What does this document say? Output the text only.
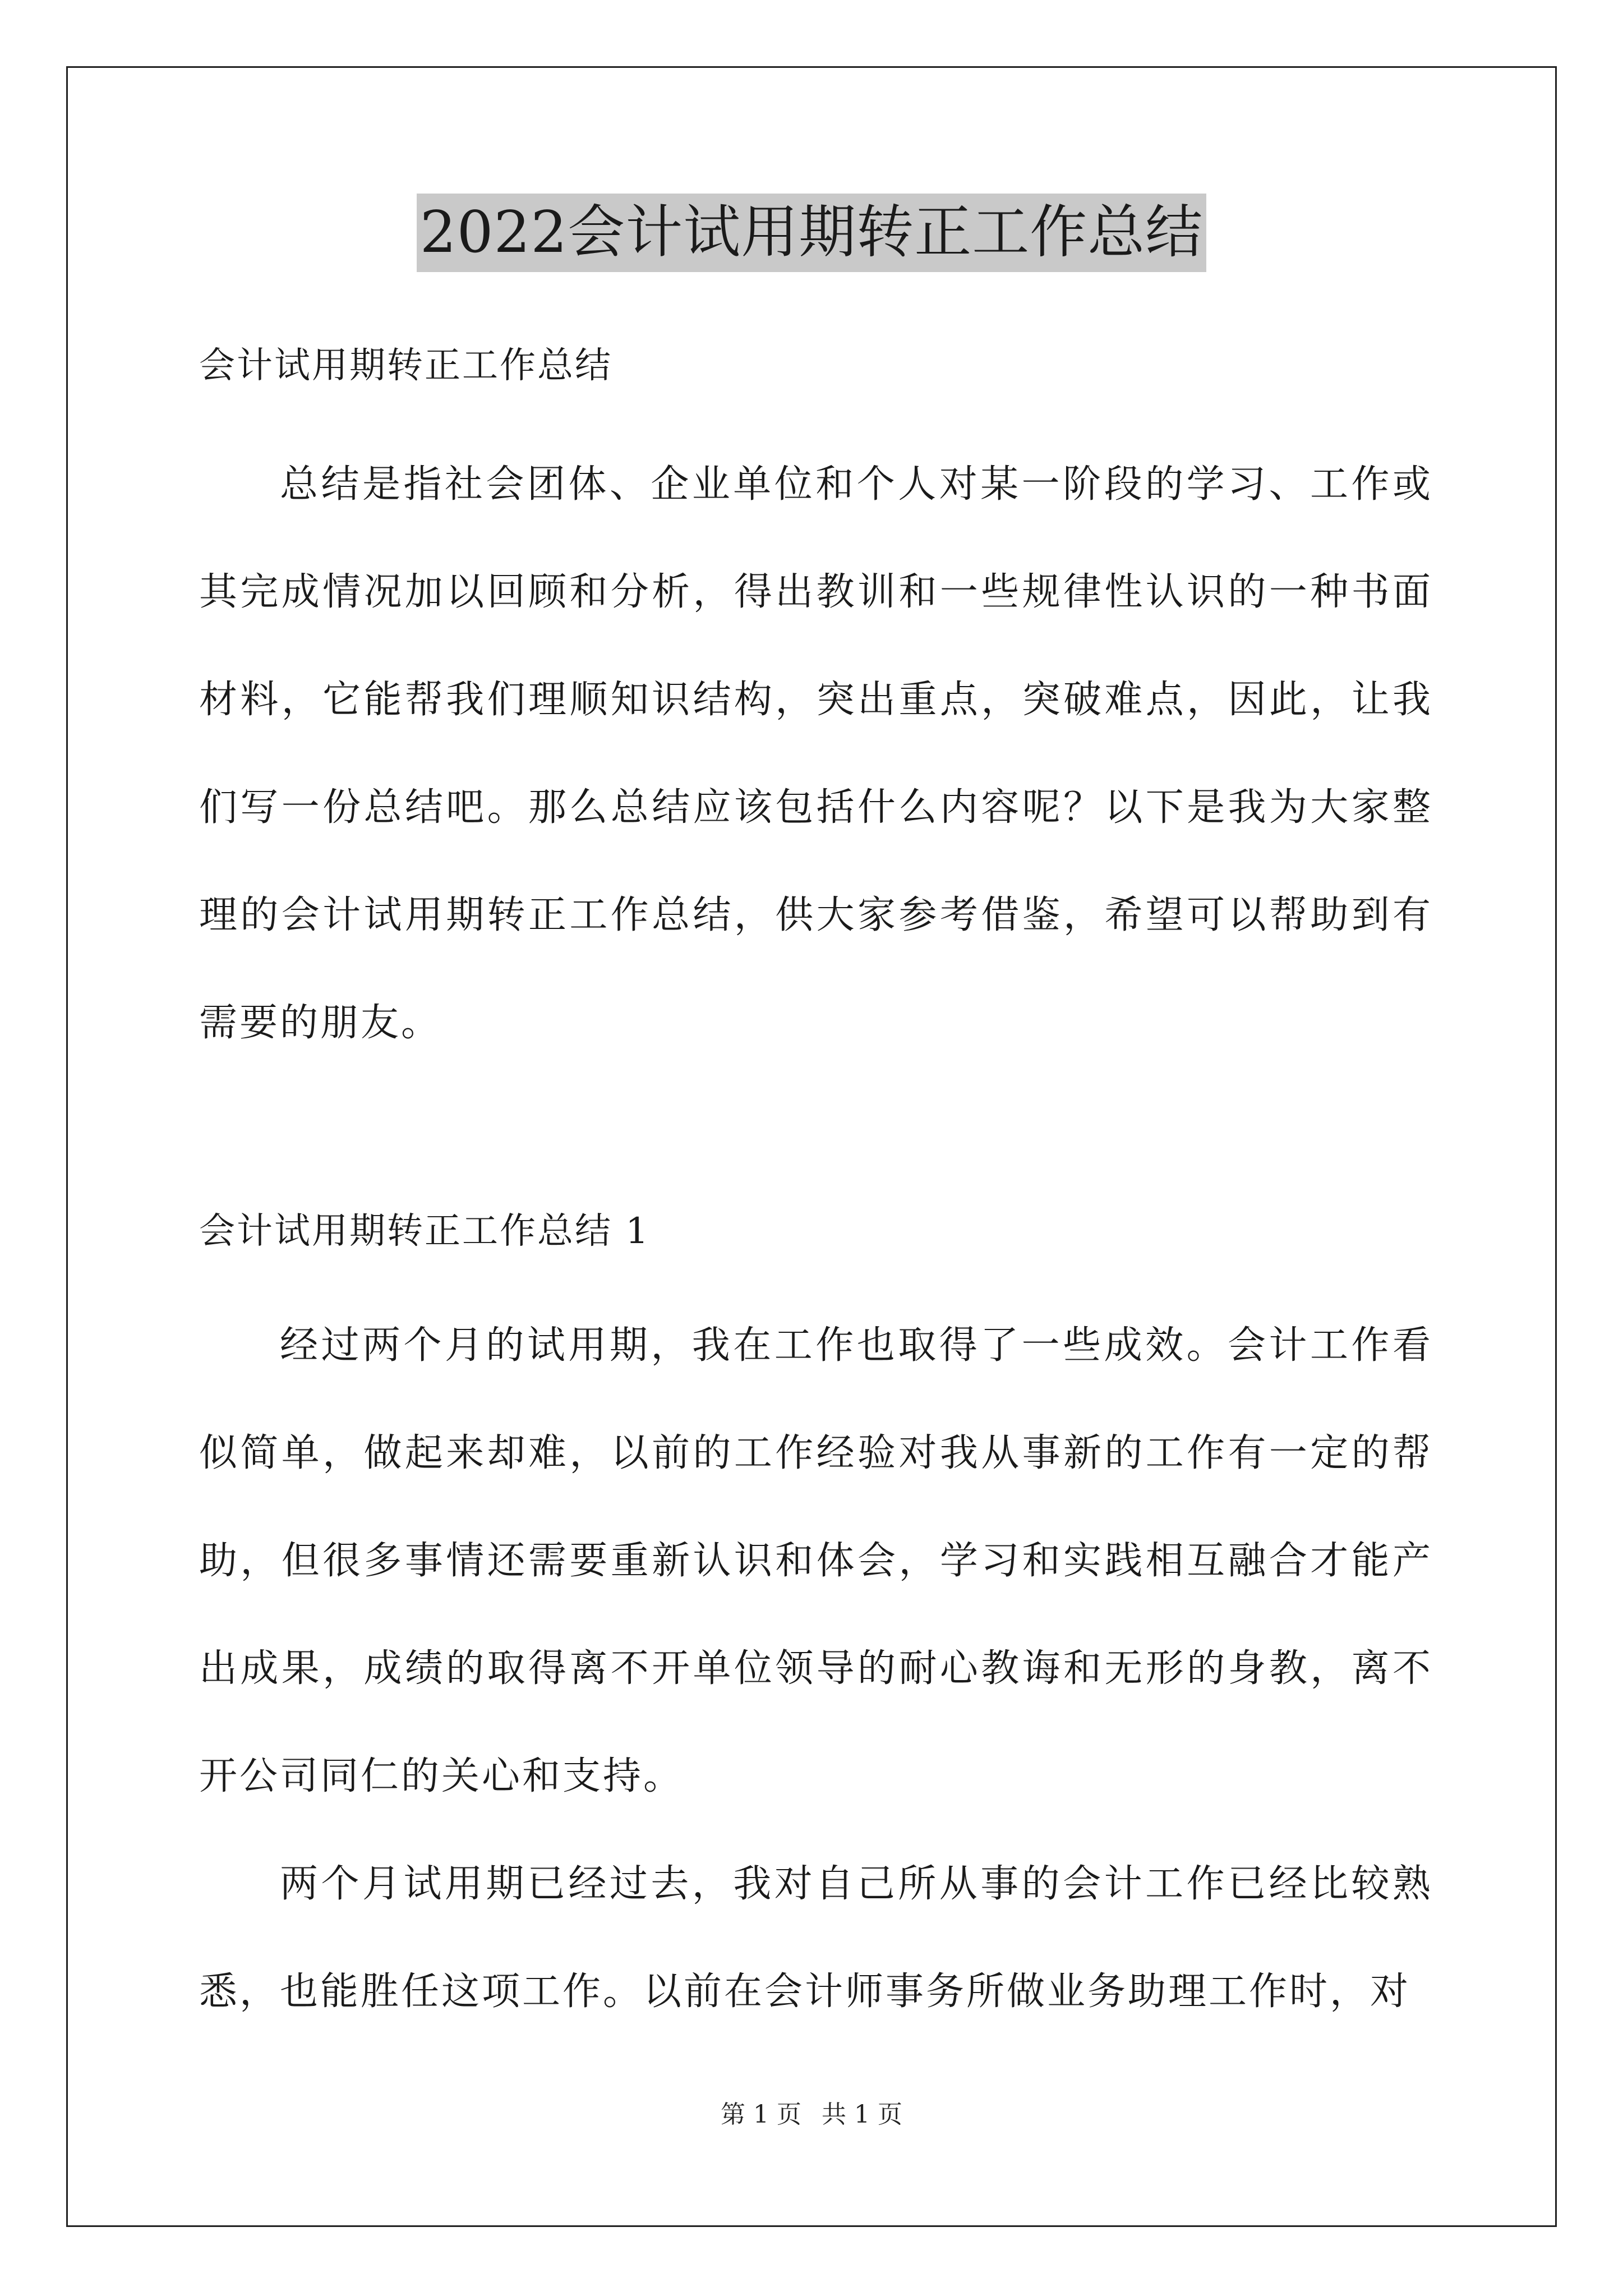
2022会计试用期转正工作总结
会计试用期转正工作总结
总结是指社会团体、企业单位和个人对某一阶段的学习、工作或其完成情况加以回顾和分析，得出教训和一些规律性认识的一种书面材料，它能帮我们理顺知识结构，突出重点，突破难点，因此，让我们写一份总结吧。那么总结应该包括什么内容呢？以下是我为大家整理的会计试用期转正工作总结，供大家参考借鉴，希望可以帮助到有需要的朋友。
会计试用期转正工作总结 1
经过两个月的试用期，我在工作也取得了一些成效。会计工作看似简单，做起来却难，以前的工作经验对我从事新的工作有一定的帮助，但很多事情还需要重新认识和体会，学习和实践相互融合才能产出成果，成绩的取得离不开单位领导的耐心教诲和无形的身教，离不开公司同仁的关心和支持。
两个月试用期已经过去，我对自己所从事的会计工作已经比较熟悉，也能胜任这项工作。以前在会计师事务所做业务助理工作时，对
第 1 页 共 1 页
